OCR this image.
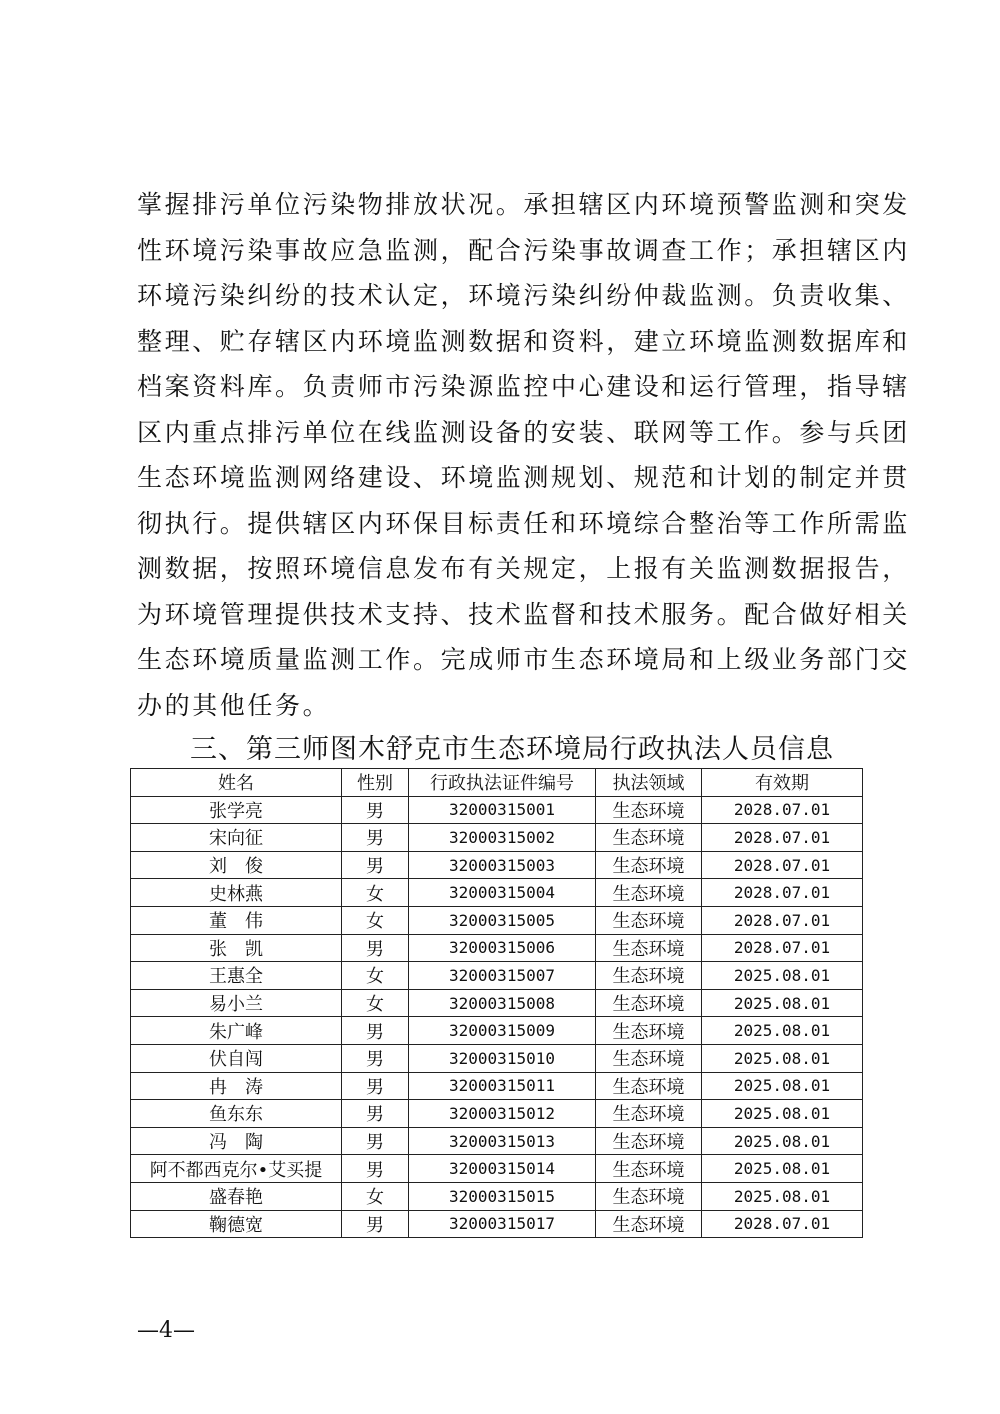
掌握排污单位污染物排放状况。承担辖区内环境预警监测和突发
性环境污染事故应急监测，配合污染事故调查工作；承担辖区内
环境污染纠纷的技术认定，环境污染纠纷仲裁监测。负责收集、
整理、贮存辖区内环境监测数据和资料，建立环境监测数据库和
档案资料库。负责师市污染源监控中心建设和运行管理，指导辖
区内重点排污单位在线监测设备的安装、联网等工作。参与兵团
生态环境监测网络建设、环境监测规划、规范和计划的制定并贯
彻执行。提供辖区内环保目标责任和环境综合整治等工作所需监
测数据，按照环境信息发布有关规定，上报有关监测数据报告，
为环境管理提供技术支持、技术监督和技术服务。配合做好相关
生态环境质量监测工作。完成师市生态环境局和上级业务部门交
办的其他任务。
三、第三师图木舒克市生态环境局行政执法人员信息
姓名	性别	行政执法证件编号	执法领域	有效期
张学亮	男	32000315001	生态环境	2028.07.01
宋向征	男	32000315002	生态环境	2028.07.01
刘　俊	男	32000315003	生态环境	2028.07.01
史林燕	女	32000315004	生态环境	2028.07.01
董　伟	女	32000315005	生态环境	2028.07.01
张　凯	男	32000315006	生态环境	2028.07.01
王惠全	女	32000315007	生态环境	2025.08.01
易小兰	女	32000315008	生态环境	2025.08.01
朱广峰	男	32000315009	生态环境	2025.08.01
伏自闯	男	32000315010	生态环境	2025.08.01
冉　涛	男	32000315011	生态环境	2025.08.01
鱼东东	男	32000315012	生态环境	2025.08.01
冯　陶	男	32000315013	生态环境	2025.08.01
阿不都西克尔•艾买提	男	32000315014	生态环境	2025.08.01
盛春艳	女	32000315015	生态环境	2025.08.01
鞠德宽	男	32000315017	生态环境	2028.07.01
—4—
